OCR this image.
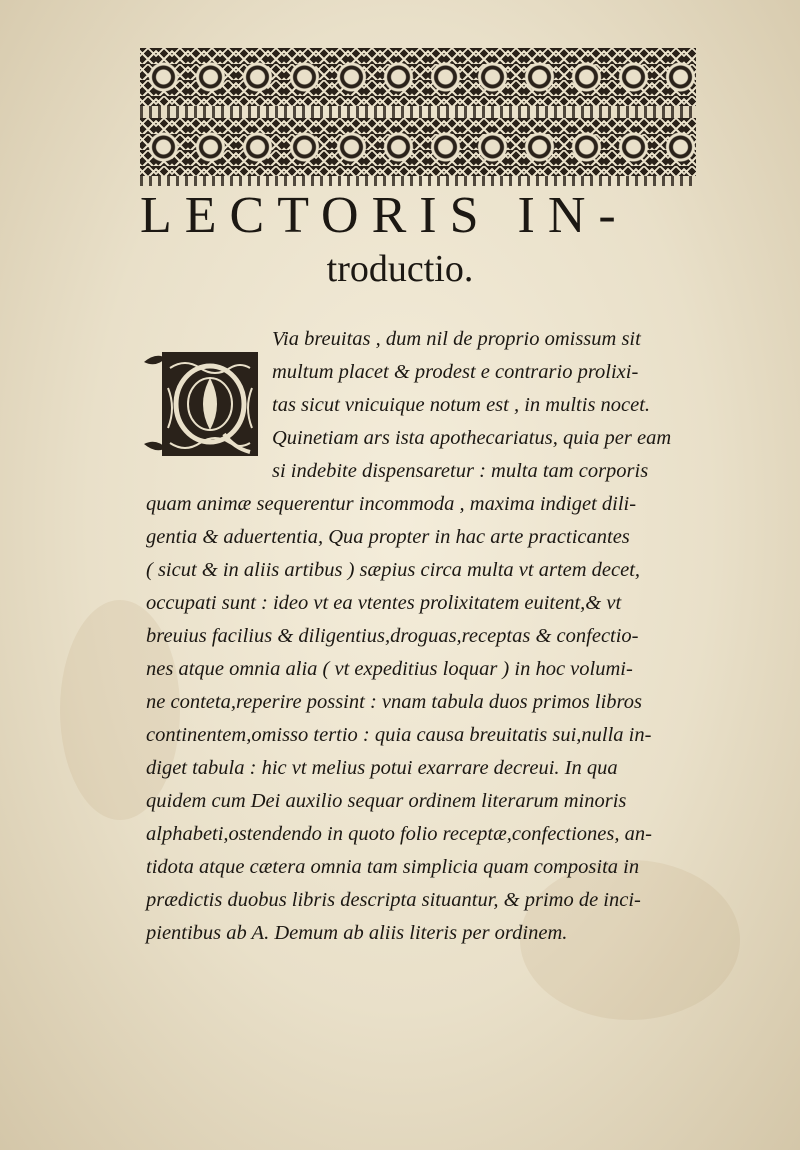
LECTORIS IN-
troductio.
Via breuitas , dum nil de proprio omissum sit
multum placet & prodest e contrario prolixi-
tas sicut vnicuique notum est , in multis nocet.
Quinetiam ars ista apothecariatus, quia per eam
si indebite dispensaretur : multa tam corporis
quam animæ sequerentur incommoda , maxima indiget dili-
gentia & aduertentia, Qua propter in hac arte practicantes
( sicut & in aliis artibus ) sæpius circa multa vt artem decet,
occupati sunt : ideo vt ea vtentes prolixitatem euitent,& vt
breuius facilius & diligentius,droguas,receptas & confectio-
nes atque omnia alia ( vt expeditius loquar ) in hoc volumi-
ne conteta,reperire possint : vnam tabula duos primos libros
continentem,omisso tertio : quia causa breuitatis sui,nulla in-
diget tabula : hic vt melius potui exarrare decreui. In qua
quidem cum Dei auxilio sequar ordinem literarum minoris
alphabeti,ostendendo in quoto folio receptæ,confectiones, an-
tidota atque cætera omnia tam simplicia quam composita in
prædictis duobus libris descripta situantur, & primo de inci-
pientibus ab A. Demum ab aliis literis per ordinem.
